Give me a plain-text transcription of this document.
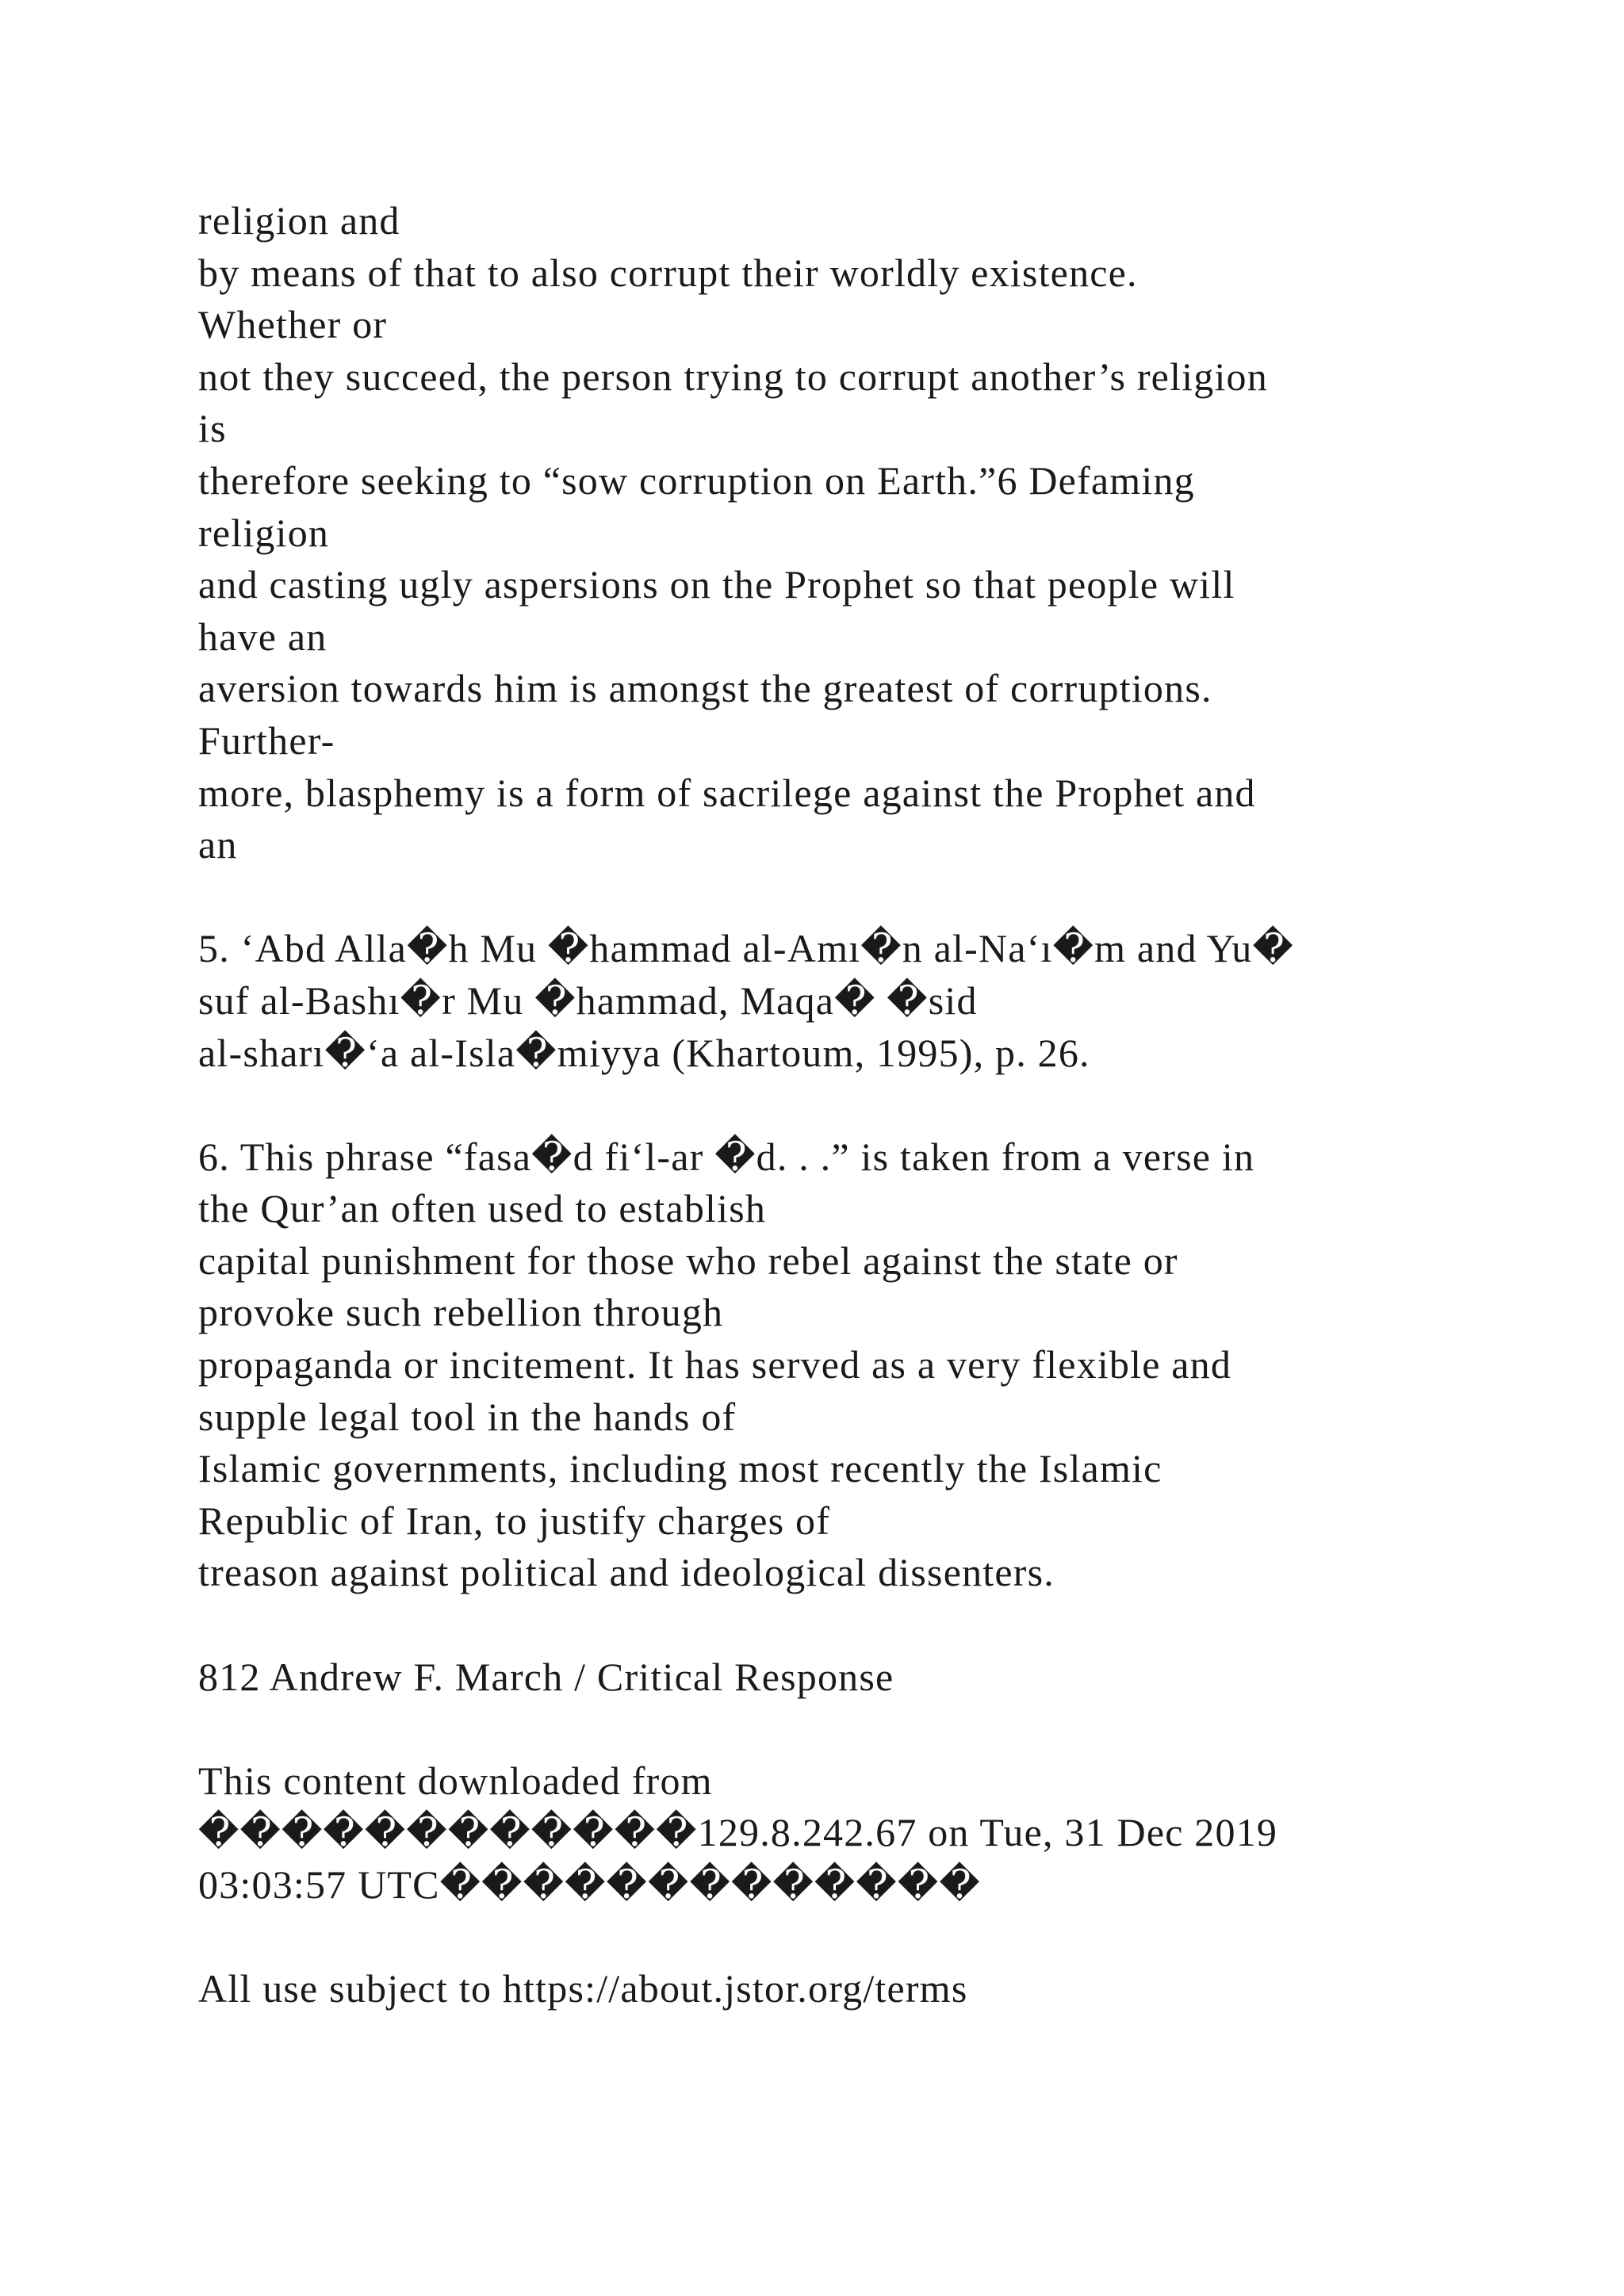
religion and
by means of that to also corrupt their worldly existence.
Whether or
not they succeed, the person trying to corrupt another’s religion
is
therefore seeking to “sow corruption on Earth.”6 Defaming
religion
and casting ugly aspersions on the Prophet so that people will
have an
aversion towards him is amongst the greatest of corruptions.
Further-
more, blasphemy is a form of sacrilege against the Prophet and
an
5. ‘Abd Alla�h Mu �hammad al-Amı�n al-Na‘ı�m and Yu�
suf al-Bashı�r Mu �hammad, Maqa� �sid
al-sharı�‘a al-Isla�miyya (Khartoum, 1995), p. 26.
6. This phrase “fasa�d fi‘l-ar �d. . .” is taken from a verse in
the Qur’an often used to establish
capital punishment for those who rebel against the state or
provoke such rebellion through
propaganda or incitement. It has served as a very flexible and
supple legal tool in the hands of
Islamic governments, including most recently the Islamic
Republic of Iran, to justify charges of
treason against political and ideological dissenters.
812 Andrew F. March / Critical Response
This content downloaded from
������������129.8.242.67 on Tue, 31 Dec 2019
03:03:57 UTC�������������
All use subject to https://about.jstor.org/terms
